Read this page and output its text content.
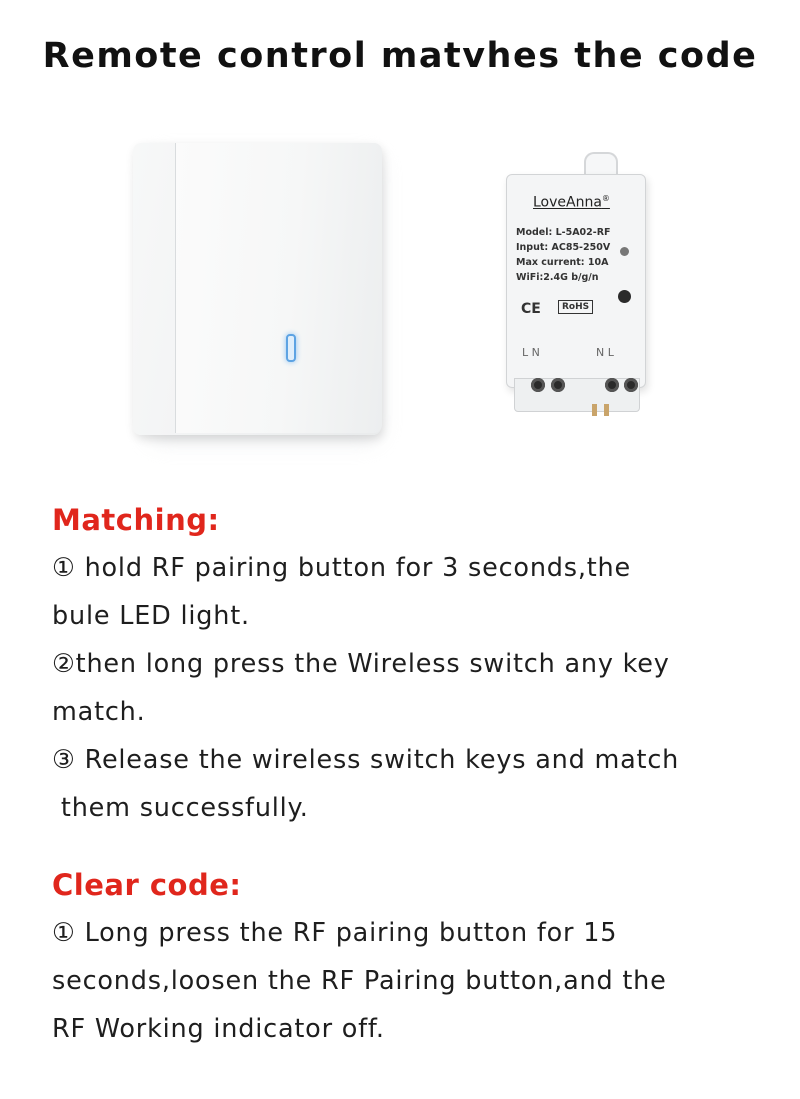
Remote control matvhes the code
LoveAnna®
Model: L-5A02-RF
Input: AC85-250V
Max current: 10A
WiFi:2.4G b/g/n
CE	RoHS
L N	N L
Matching:
① hold RF pairing button for 3 seconds,the
bule LED light.
②then long press the Wireless switch any key
match.
③ Release the wireless switch keys and match
them successfully.
Clear code:
① Long press the RF pairing button for 15
seconds,loosen the RF Pairing button,and the
RF Working indicator off.
